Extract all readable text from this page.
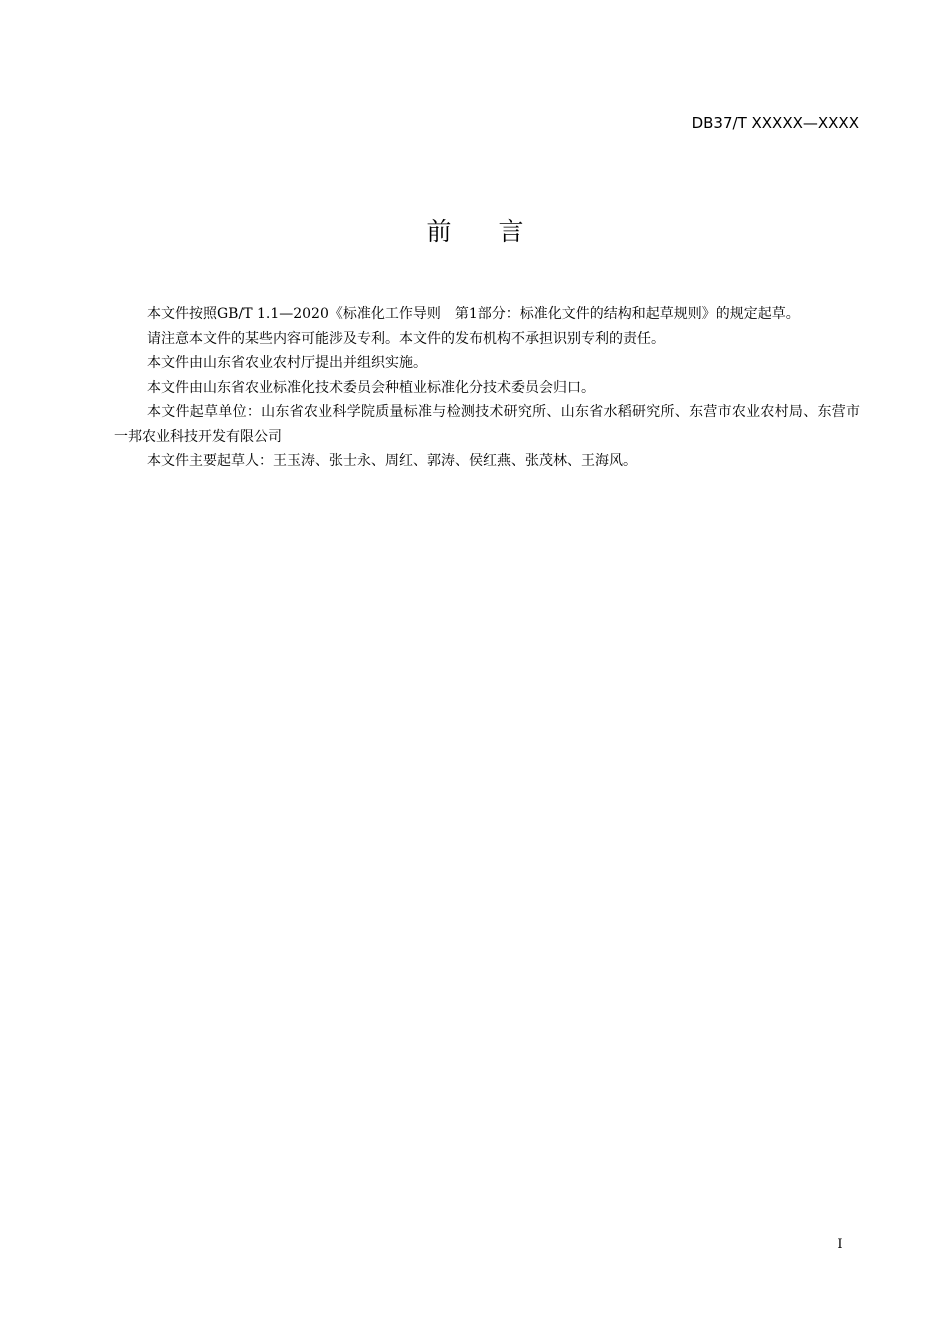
DB37/T XXXXX—XXXX
前言

本文件按照GB/T 1.1—2020《标准化工作导则　第1部分：标准化文件的结构和起草规则》的规定起草。

请注意本文件的某些内容可能涉及专利。本文件的发布机构不承担识别专利的责任。

本文件由山东省农业农村厅提出并组织实施。

本文件由山东省农业标准化技术委员会种植业标准化分技术委员会归口。

本文件起草单位：山东省农业科学院质量标准与检测技术研究所、山东省水稻研究所、东营市农业农村局、东营市一邦农业科技开发有限公司

本文件主要起草人：王玉涛、张士永、周红、郭涛、侯红燕、张茂林、王海风。

I
